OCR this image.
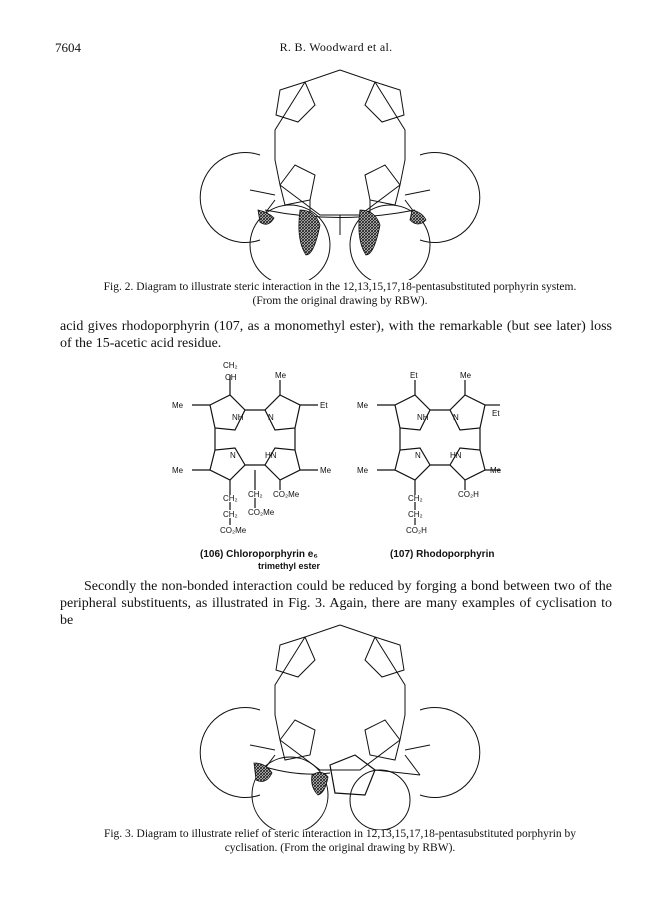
7604	R. B. Woodward et al.
Fig. 2. Diagram to illustrate steric interaction in the 12,13,15,17,18-pentasubstituted porphyrin system.
(From the original drawing by RBW).
acid gives rhodoporphyrin (107, as a monomethyl ester), with the remarkable (but see later) loss of the 15-acetic acid residue.
CH₂
CH	Me
Me	Et
NH	N
N	HN
Me	Me
CH₂ CH₂ CO₂Me
CH₂ CO₂Me
CO₂Me
Et	Me
Me
Et
NH	N
N	HN
Me	Me
CH₂	CO₂H
CH₂
CO₂H
(106) Chloroporphyrin e₆
trimethyl ester
(107) Rhodoporphyrin
Secondly the non-bonded interaction could be reduced by forging a bond between two of the peripheral substituents, as illustrated in Fig. 3. Again, there are many examples of cyclisation to be
Fig. 3. Diagram to illustrate relief of steric interaction in 12,13,15,17,18-pentasubstituted porphyrin by
cyclisation. (From the original drawing by RBW).
